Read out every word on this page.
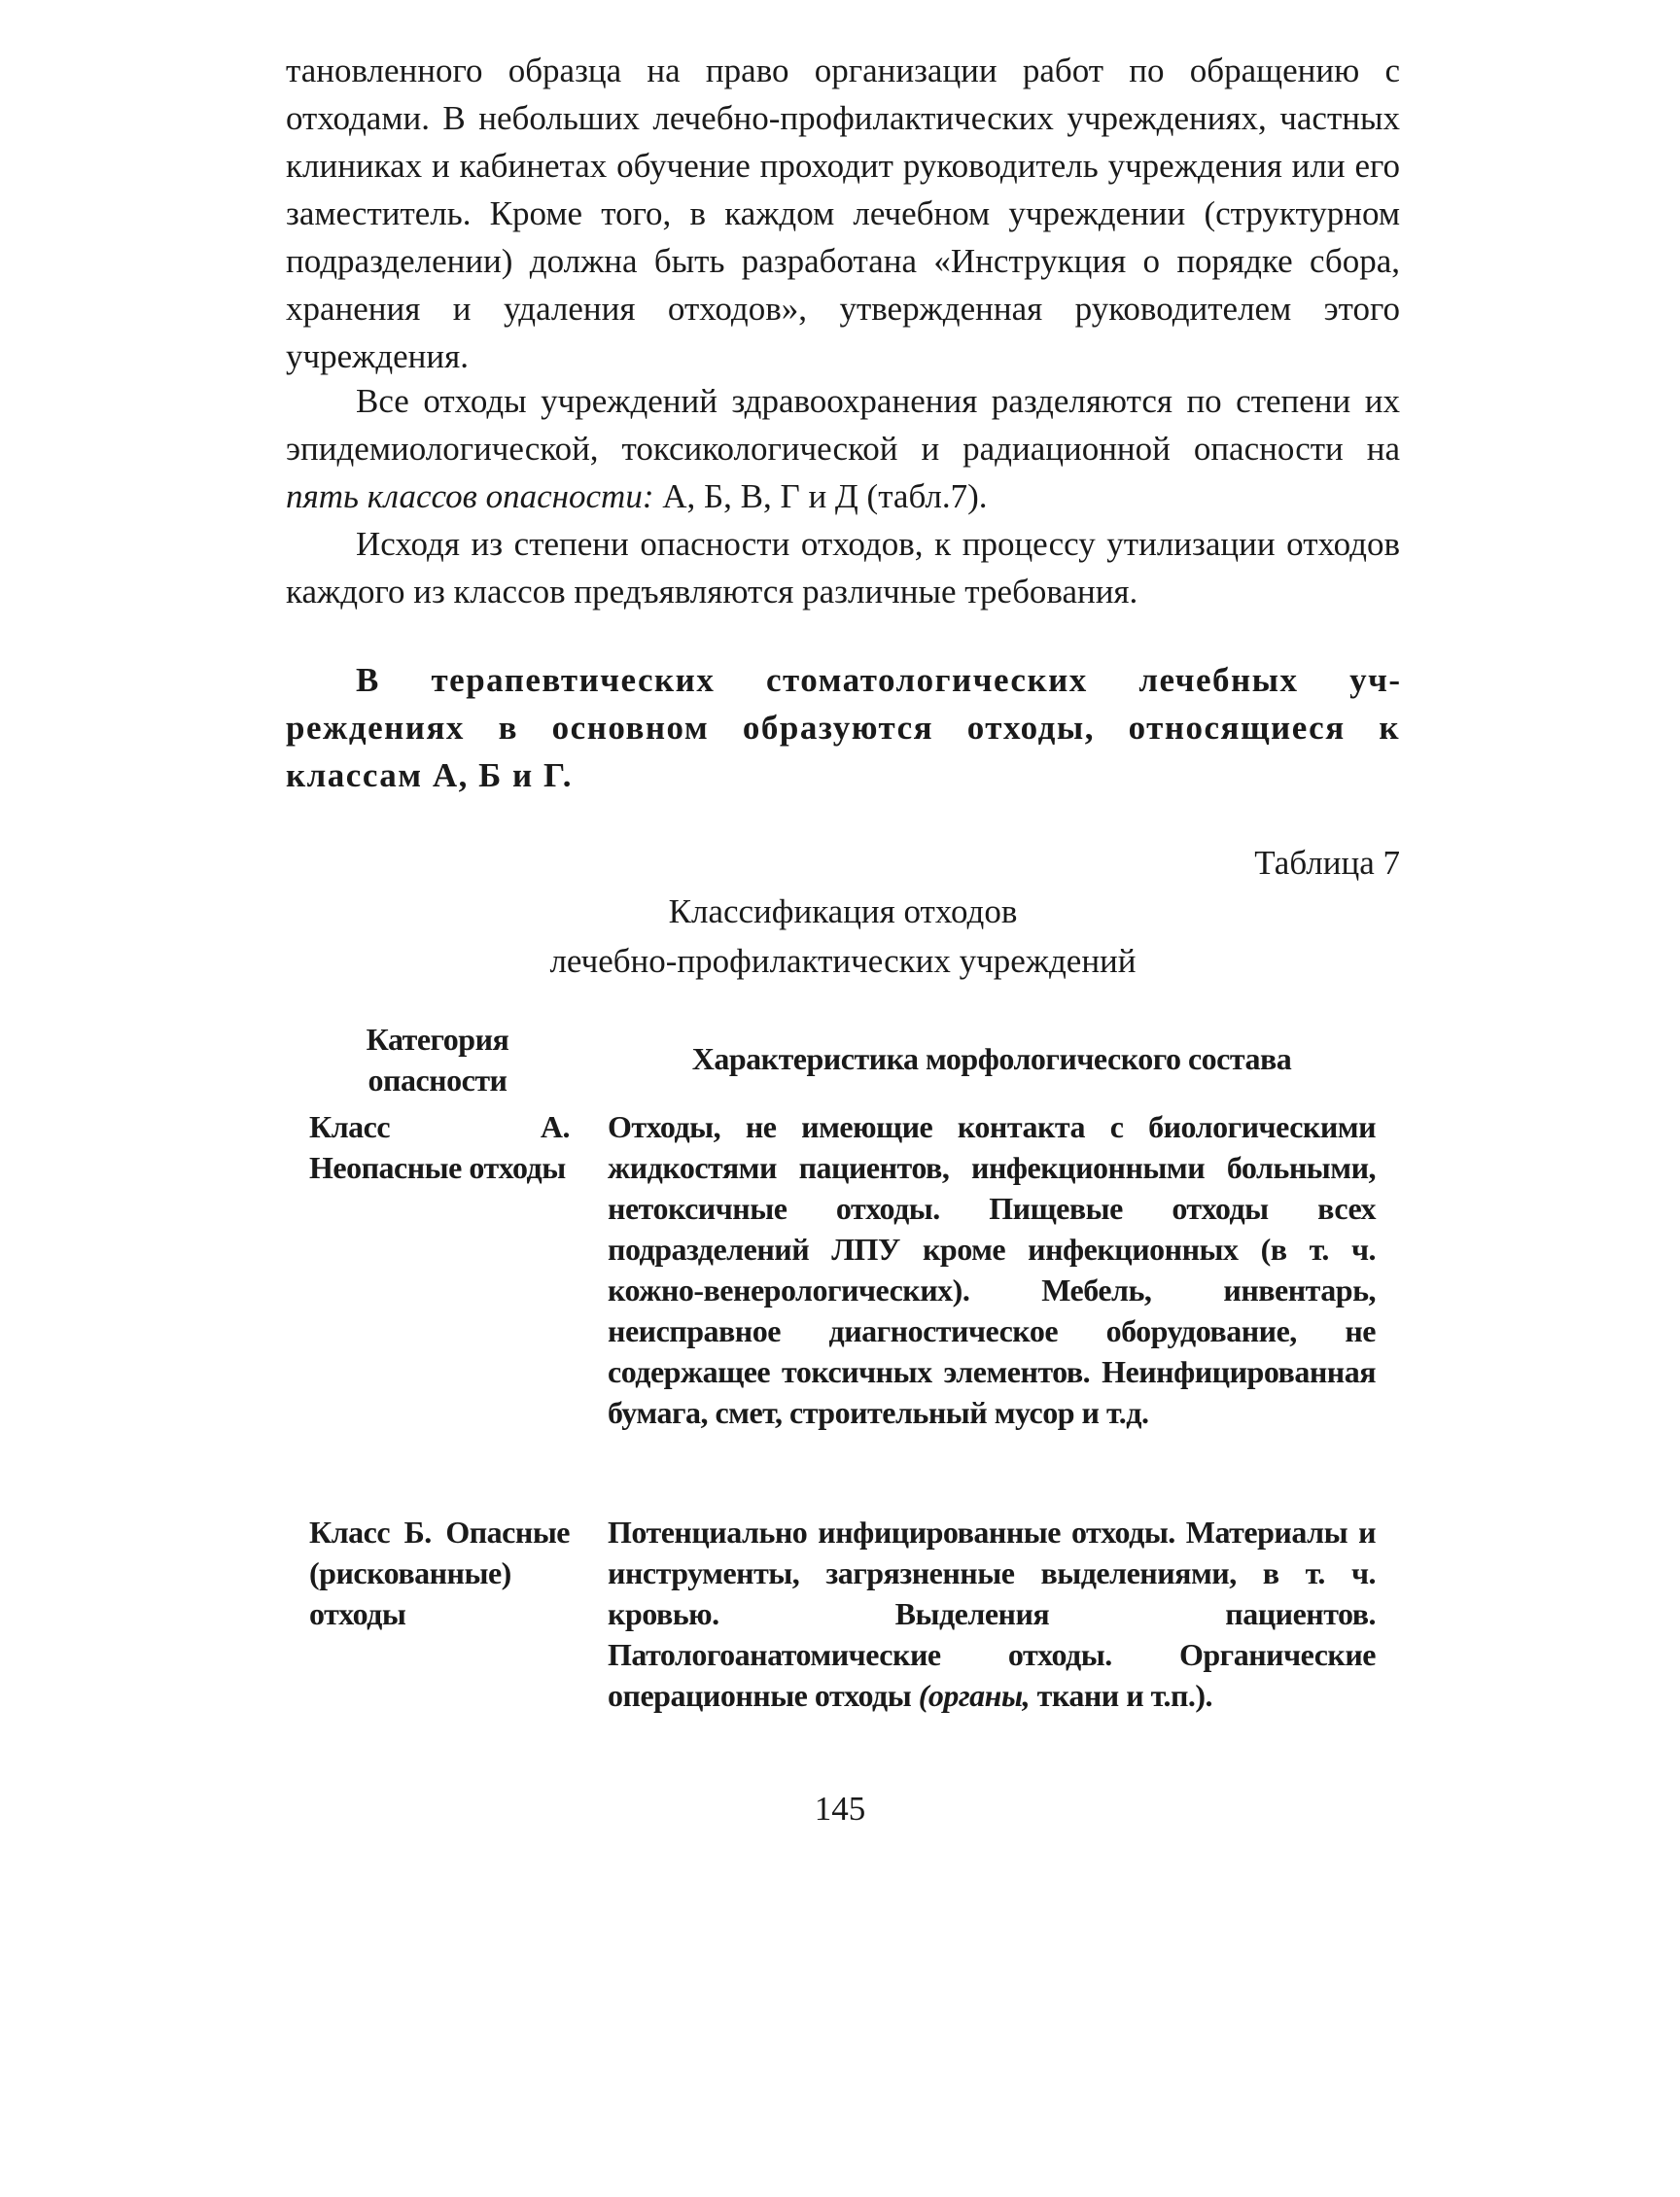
тановленного образца на право организации работ по обращению с отходами. В небольших лечебно-профилактических учреждениях, частных клиниках и кабинетах обучение проходит руководитель учреждения или его заместитель. Кроме того, в каждом лечебном учреждении (структурном подразделении) должна быть разработана «Инструкция о порядке сбора, хранения и удаления отходов», утвержденная руководителем этого учреждения.

Все отходы учреждений здравоохранения разделяются по степени их эпидемиологической, токсикологической и радиационной опасности на пять классов опасности: А, Б, В, Г и Д (табл.7).

Исходя из степени опасности отходов, к процессу утилизации отходов каждого из классов предъявляются различные требования.

В терапевтических стоматологических лечебных учреждениях в основном образуются отходы, относящиеся к классам А, Б и Г.

Таблица 7
Классификация отходов
лечебно-профилактических учреждений
Категория опасности
Характеристика морфологического состава
Класс А. Неопасные отходы
Отходы, не имеющие контакта с биологическими жидкостями пациентов, инфекционными больными, нетоксичные отходы. Пищевые отходы всех подразделений ЛПУ кроме инфекционных (в т. ч. кожно-венерологических). Мебель, инвентарь, неисправное диагностическое оборудование, не содержащее токсичных элементов. Неинфицированная бумага, смет, строительный мусор и т.д.
Класс Б. Опасные (рискованные) отходы
Потенциально инфицированные отходы. Материалы и инструменты, загрязненные выделениями, в т. ч. кровью. Выделения пациентов. Патологоанатомические отходы. Органические операционные отходы (органы, ткани и т.п.).
145
